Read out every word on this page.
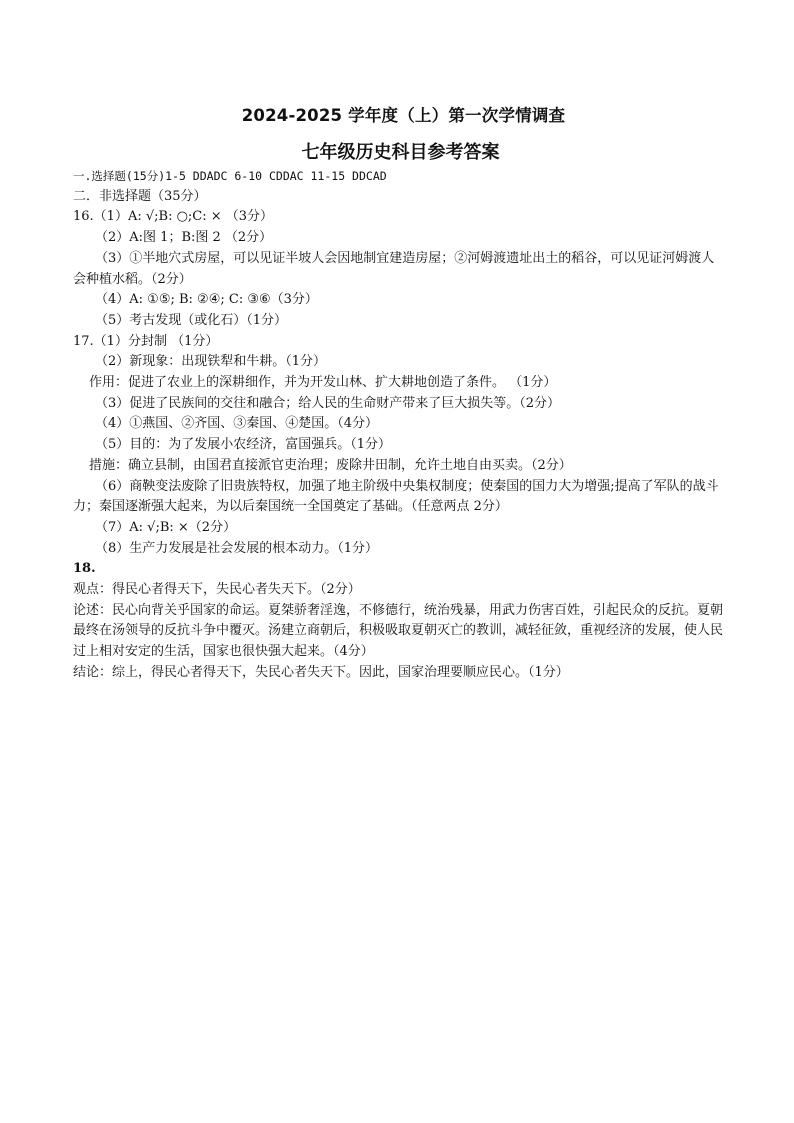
2024-2025 学年度（上）第一次学情调查
七年级历史科目参考答案

一.选择题(15分)1-5 DDADC 6-10 CDDAC 11-15 DDCAD

二．非选择题（35分）

16.（1）A: √;B: ○;C: × （3分）

（2）A:图 1；B:图 2 （2分）

（3）①半地穴式房屋，可以见证半坡人会因地制宜建造房屋；②河姆渡遗址出土的稻谷，可以见证河姆渡人会种植水稻。（2分）

（4）A: ①⑤; B: ②④; C: ③⑥（3分）

（5）考古发现（或化石）（1分）

17.（1）分封制 （1分）

（2）新现象：出现铁犁和牛耕。（1分）

作用：促进了农业上的深耕细作，并为开发山林、扩大耕地创造了条件。 （1分）

（3）促进了民族间的交往和融合；给人民的生命财产带来了巨大损失等。（2分）

（4）①燕国、②齐国、③秦国、④楚国。（4分）

（5）目的：为了发展小农经济，富国强兵。（1分）

措施：确立县制，由国君直接派官吏治理；废除井田制，允许土地自由买卖。（2分）

（6）商鞅变法废除了旧贵族特权，加强了地主阶级中央集权制度；使秦国的国力大为增强;提高了军队的战斗力；秦国逐渐强大起来，为以后秦国统一全国奠定了基础。（任意两点 2分）

（7）A: √;B: ×（2分）

（8）生产力发展是社会发展的根本动力。（1分）

18.

观点：得民心者得天下，失民心者失天下。（2分）

论述：民心向背关乎国家的命运。夏桀骄奢淫逸，不修德行，统治残暴，用武力伤害百姓，引起民众的反抗。夏朝最终在汤领导的反抗斗争中覆灭。汤建立商朝后，积极吸取夏朝灭亡的教训，减轻征敛，重视经济的发展，使人民过上相对安定的生活，国家也很快强大起来。（4分）

结论：综上，得民心者得天下，失民心者失天下。因此，国家治理要顺应民心。（1分）
